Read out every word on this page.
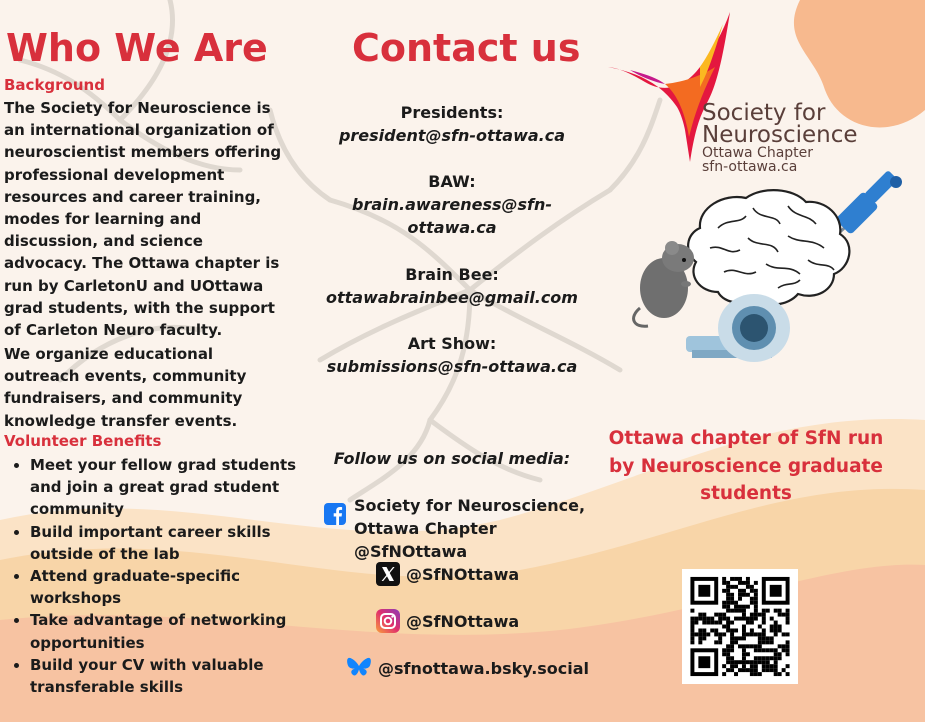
Who We Are
Background
The Society for Neuroscience is an international organization of neuroscientist members offering professional development resources and career training, modes for learning and discussion, and science advocacy. The Ottawa chapter is run by CarletonU and UOttawa grad students, with the support of Carleton Neuro faculty.
We organize educational outreach events, community fundraisers, and community knowledge transfer events.
Volunteer Benefits
• Meet your fellow grad students and join a great grad student community
• Build important career skills outside of the lab
• Attend graduate-specific workshops
• Take advantage of networking opportunities
• Build your CV with valuable transferable skills
Contact us
Presidents:
president@sfn-ottawa.ca
BAW:
brain.awareness@sfn-ottawa.ca
Brain Bee:
ottawabrainbee@gmail.com
Art Show:
submissions@sfn-ottawa.ca
Follow us on social media:
Society for Neuroscience, Ottawa Chapter @SfNOttawa
@SfNOttawa
@SfNOttawa
@sfnottawa.bsky.social
Society for
Neuroscience
Ottawa Chapter
sfn-ottawa.ca
Ottawa chapter of SfN run by Neuroscience graduate students
